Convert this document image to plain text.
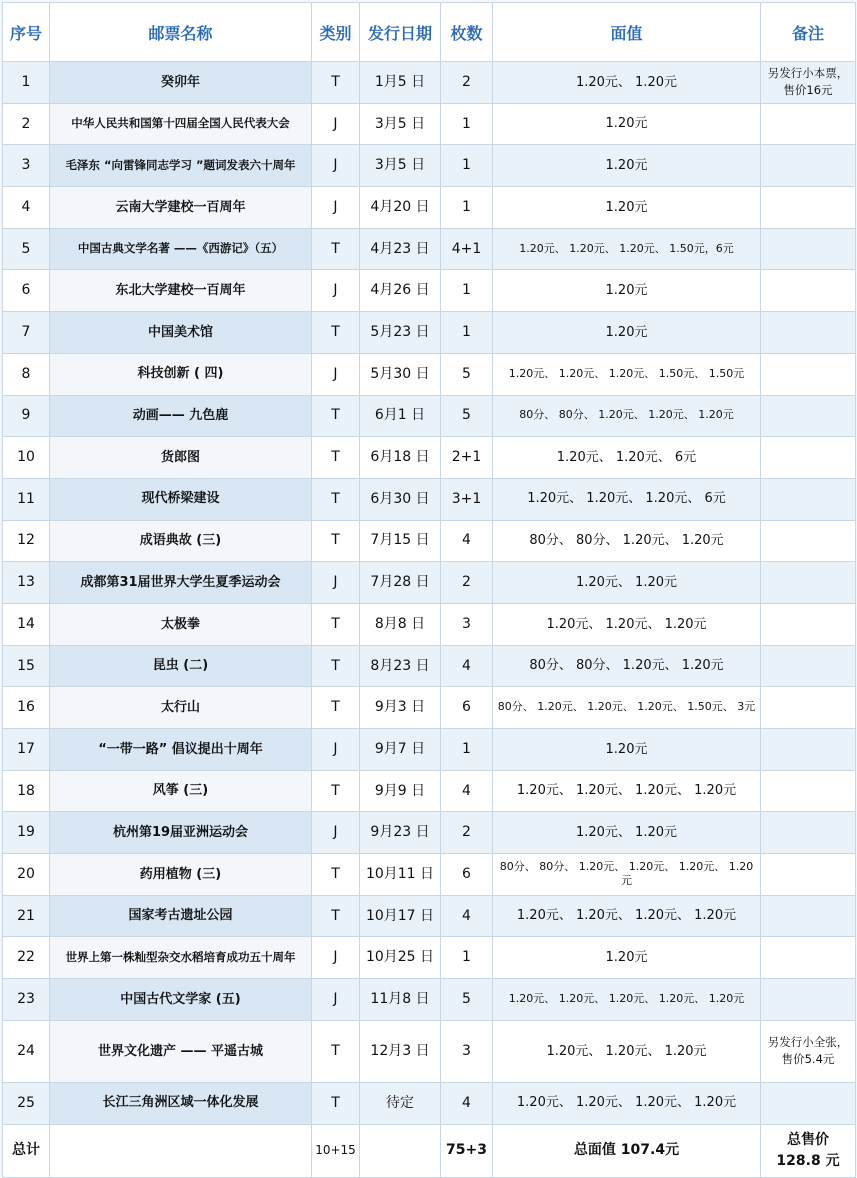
序号	邮票名称	类别	发行日期	枚数	面值	备注
1	癸卯年	T	1月5 日	2	1.20元、 1.20元	另发行小本票，售价16元
2	中华人民共和国第十四届全国人民代表大会	J	3月5 日	1	1.20元	
3	毛泽东 “向雷锋同志学习 ”题词发表六十周年	J	3月5 日	1	1.20元	
4	云南大学建校一百周年	J	4月20 日	1	1.20元	
5	中国古典文学名著 ——《西游记》（五）	T	4月23 日	4+1	1.20元、 1.20元、 1.20元、 1.50元，6元	
6	东北大学建校一百周年	J	4月26 日	1	1.20元	
7	中国美术馆	T	5月23 日	1	1.20元	
8	科技创新 ( 四)	J	5月30 日	5	1.20元、 1.20元、 1.20元、 1.50元、 1.50元	
9	动画—— 九色鹿	T	6月1 日	5	80分、 80分、 1.20元、 1.20元、 1.20元	
10	货郎图	T	6月18 日	2+1	1.20元、 1.20元、 6元	
11	现代桥梁建设	T	6月30 日	3+1	1.20元、 1.20元、 1.20元、 6元	
12	成语典故 (三)	T	7月15 日	4	80分、 80分、 1.20元、 1.20元	
13	成都第31届世界大学生夏季运动会	J	7月28 日	2	1.20元、 1.20元	
14	太极拳	T	8月8 日	3	1.20元、 1.20元、 1.20元	
15	昆虫 (二)	T	8月23 日	4	80分、 80分、 1.20元、 1.20元	
16	太行山	T	9月3 日	6	80分、 1.20元、 1.20元、 1.20元、 1.50元、 3元	
17	“一带一路” 倡议提出十周年	J	9月7 日	1	1.20元	
18	风筝 (三)	T	9月9 日	4	1.20元、 1.20元、 1.20元、 1.20元	
19	杭州第19届亚洲运动会	J	9月23 日	2	1.20元、 1.20元	
20	药用植物 (三)	T	10月11 日	6	80分、 80分、 1.20元、 1.20元、 1.20元、 1.20元	
21	国家考古遗址公园	T	10月17 日	4	1.20元、 1.20元、 1.20元、 1.20元	
22	世界上第一株籼型杂交水稻培育成功五十周年	J	10月25 日	1	1.20元	
23	中国古代文学家 (五)	J	11月8 日	5	1.20元、 1.20元、 1.20元、 1.20元、 1.20元	
24	世界文化遗产 —— 平遥古城	T	12月3 日	3	1.20元、 1.20元、 1.20元	另发行小全张，售价5.4元
25	长江三角洲区域一体化发展	T	待定	4	1.20元、 1.20元、 1.20元、 1.20元	
总计		10+15		75+3	总面值 107.4元	总售价 128.8 元
